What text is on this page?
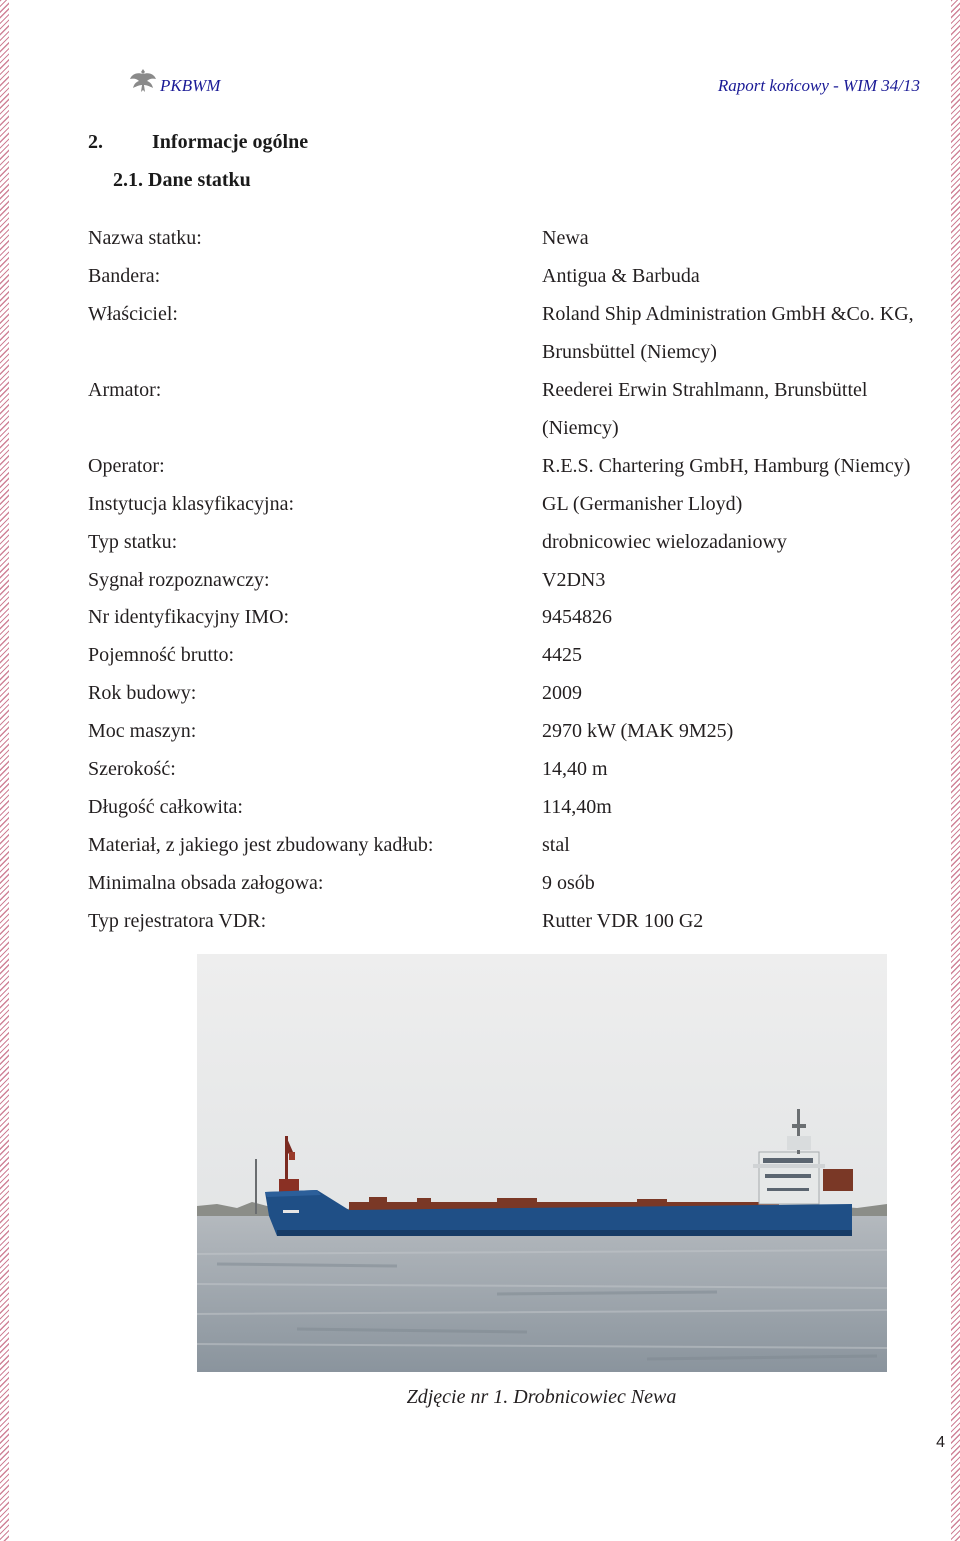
PKBWM	Raport końcowy - WIM 34/13
2. Informacje ogólne
2.1. Dane statku
Nazwa statku:	Newa
Bandera:	Antigua & Barbuda
Właściciel:	Roland Ship Administration GmbH &Co. KG,
Brunsbüttel (Niemcy)
Armator:	Reederei Erwin Strahlmann, Brunsbüttel
(Niemcy)
Operator:	R.E.S. Chartering GmbH, Hamburg (Niemcy)
Instytucja klasyfikacyjna:	GL (Germanisher Lloyd)
Typ statku:	drobnicowiec wielozadaniowy
Sygnał rozpoznawczy:	V2DN3
Nr identyfikacyjny IMO:	9454826
Pojemność brutto:	4425
Rok budowy:	2009
Moc maszyn:	2970 kW (MAK 9M25)
Szerokość:	14,40 m
Długość całkowita:	114,40m
Materiał, z jakiego jest zbudowany kadłub:	stal
Minimalna obsada załogowa:	9 osób
Typ rejestratora VDR:	Rutter VDR 100 G2
Zdjęcie nr 1. Drobnicowiec Newa
4
